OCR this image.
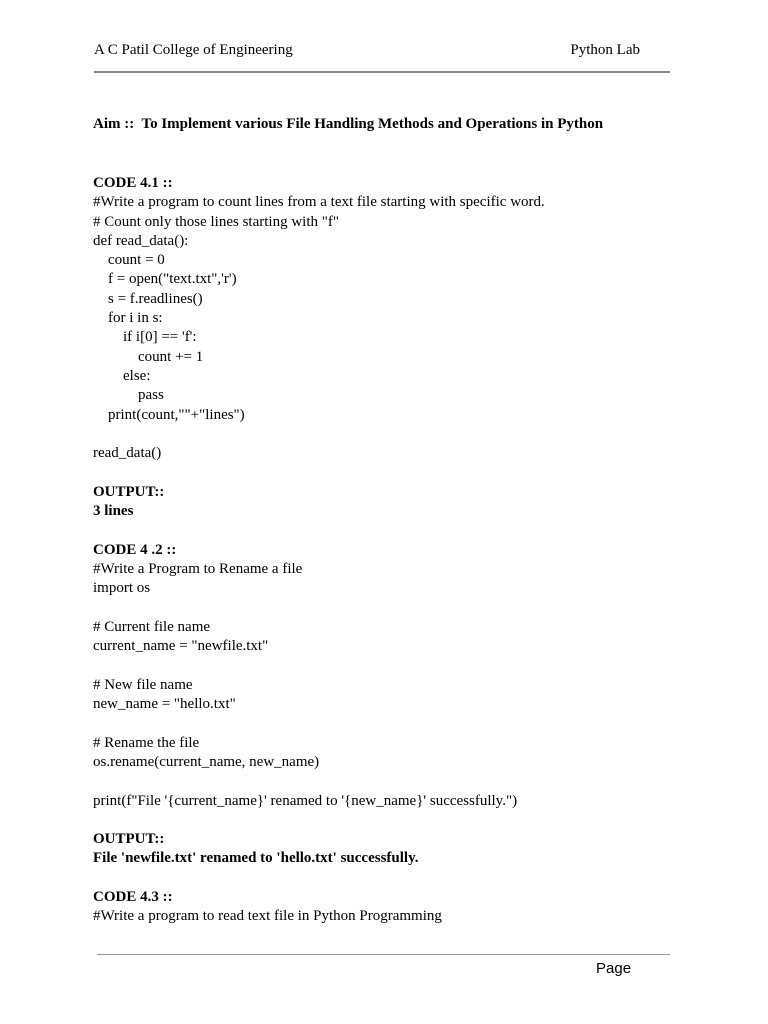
A C Patil College of Engineering	Python Lab
Aim ::  To Implement various File Handling Methods and Operations in Python
CODE 4.1 ::
#Write a program to count lines from a text file starting with specific word.
# Count only those lines starting with "f"
def read_data():
count = 0
f = open("text.txt",'r')
s = f.readlines()
for i in s:
if i[0] == 'f':
count += 1
else:
pass
print(count,""+"lines")
read_data()
OUTPUT::
3 lines
CODE 4 .2 ::
#Write a Program to Rename a file
import os
# Current file name
current_name = "newfile.txt"
# New file name
new_name = "hello.txt"
# Rename the file
os.rename(current_name, new_name)
print(f"File '{current_name}' renamed to '{new_name}' successfully.")
OUTPUT::
File 'newfile.txt' renamed to 'hello.txt' successfully.
CODE 4.3 ::
#Write a program to read text file in Python Programming
Page
